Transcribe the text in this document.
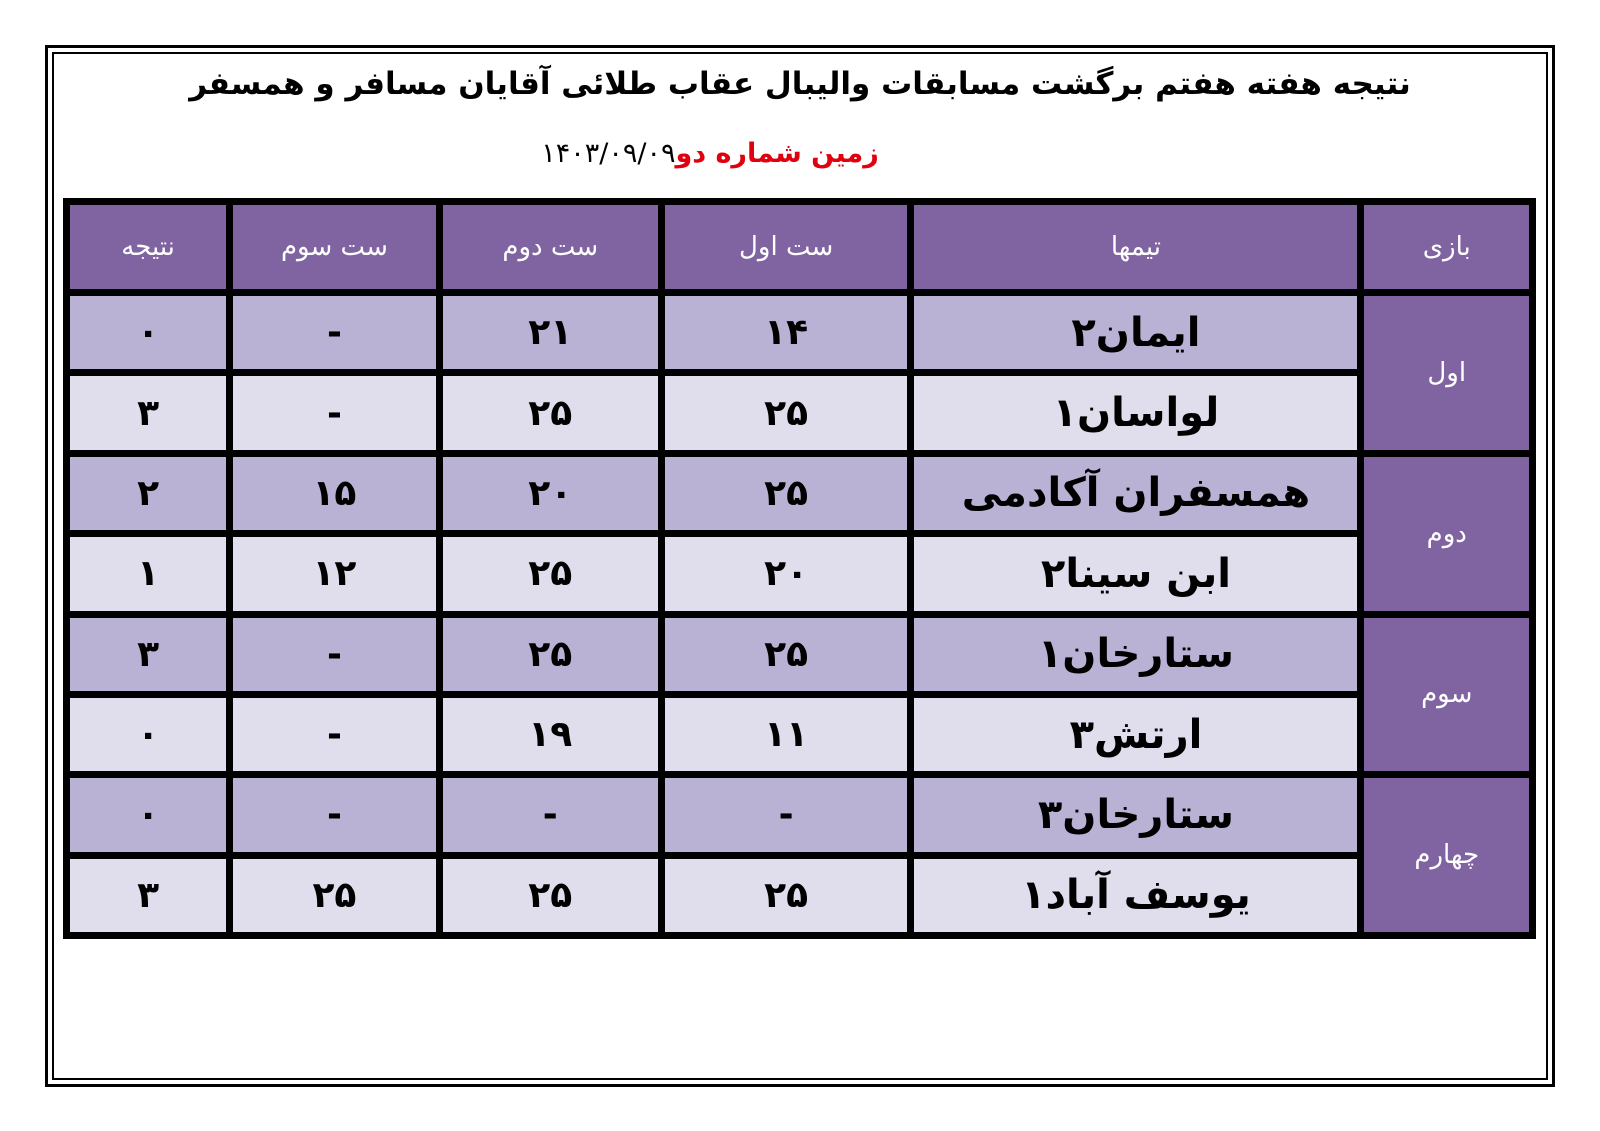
نتیجه هفته هفتم برگشت مسابقات والیبال عقاب طلائی آقایان مسافر و همسفر
زمین شماره دو۱۴۰۳/۰۹/۰۹
بازی	تیمها	ست اول	ست دوم	ست سوم	نتیجه
اول	ایمان۲	۱۴	۲۱	-	۰
	لواسان۱	۲۵	۲۵	-	۳
دوم	همسفران آکادمی	۲۵	۲۰	۱۵	۲
	ابن سینا۲	۲۰	۲۵	۱۲	۱
سوم	ستارخان۱	۲۵	۲۵	-	۳
	ارتش۳	۱۱	۱۹	-	۰
چهارم	ستارخان۳	-	-	-	۰
	یوسف آباد۱	۲۵	۲۵	۲۵	۳
